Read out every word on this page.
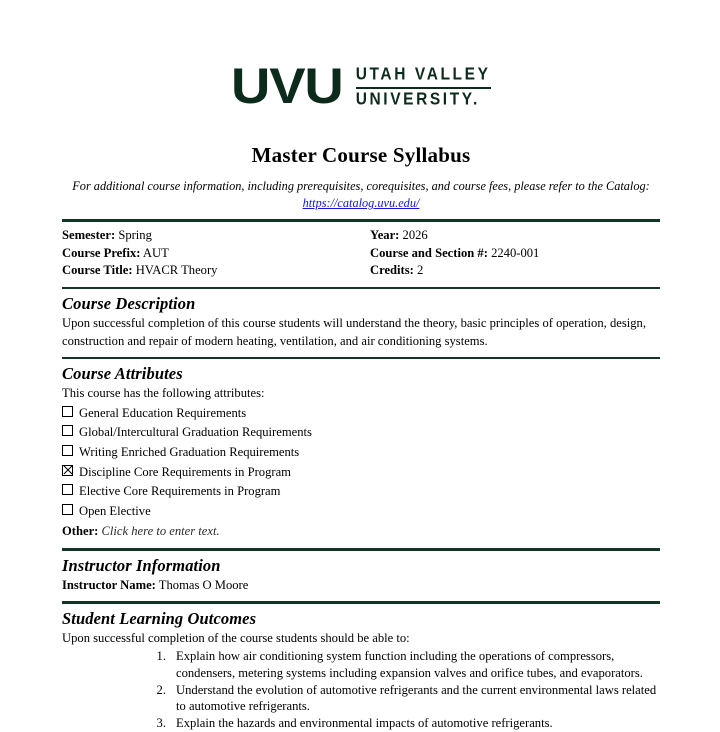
UVU UTAH VALLEY
UNIVERSITY.
Master Course Syllabus
For additional course information, including prerequisites, corequisites, and course fees, please refer to the Catalog: https://catalog.uvu.edu/
Semester: Spring	Year: 2026
Course Prefix: AUT	Course and Section #: 2240-001
Course Title: HVACR Theory	Credits: 2
Course Description
Upon successful completion of this course students will understand the theory, basic principles of operation, design, construction and repair of modern heating, ventilation, and air conditioning systems.
Course Attributes
This course has the following attributes:
General Education Requirements
Global/Intercultural Graduation Requirements
Writing Enriched Graduation Requirements
Discipline Core Requirements in Program
Elective Core Requirements in Program
Open Elective
Other: Click here to enter text.
Instructor Information
Instructor Name: Thomas O Moore
Student Learning Outcomes
Upon successful completion of the course students should be able to:
1. Explain how air conditioning system function including the operations of compressors, condensers, metering systems including expansion valves and orifice tubes, and evaporators.
2. Understand the evolution of automotive refrigerants and the current environmental laws related to automotive refrigerants.
3. Explain the hazards and environmental impacts of automotive refrigerants.
